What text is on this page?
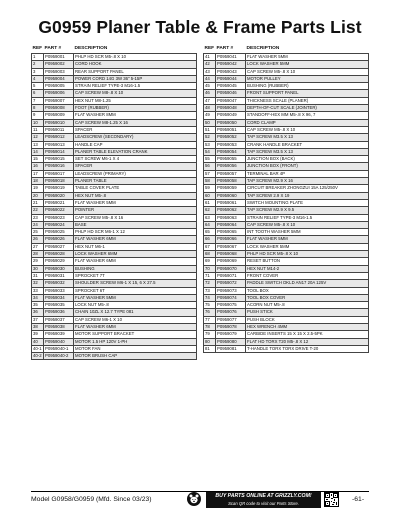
G0959 Planer Table & Frame Parts List
REF	PART #	DESCRIPTION
1	P0959001	PHLP HD SCR M5-.8 X 10
2	P0959002	CORD HOOK
3	P0959003	REAR SUPPORT PANEL
4	P0959004	POWER CORD 14G 3W 36" 5-15P
5	P0959005	STRAIN RELIEF TYPE-3 M16-1.5
6	P0959006	CAP SCREW M8-.8 X 10
7	P0959007	HEX NUT M8-1.25
8	P0959008	FOOT (RUBBER)
9	P0959009	FLAT WASHER 8MM
10	P0959010	CAP SCREW M8-1.25 X 16
11	P0959011	SPACER
12	P0959012	LEADSCREW (SECONDARY)
13	P0959013	HANDLE CAP
14	P0959014	PLANER TABLE ELEVATION CRANK
15	P0959015	SET SCREW M6-1 X 4
16	P0959016	SPACER
17	P0959017	LEADSCREW (PRIMARY)
18	P0959018	PLANER TABLE
19	P0959019	TABLE COVER PLATE
20	P0959020	HEX NUT M5-.8
21	P0959021	FLAT WASHER 5MM
22	P0959022	POINTER
23	P0959023	CAP SCREW M5-.8 X 16
24	P0959024	BASE
25	P0959025	PHLP HD SCR M6-1 X 12
26	P0959026	FLAT WASHER 6MM
27	P0959027	HEX NUT M6-1
28	P0959028	LOCK WASHER 6MM
29	P0959029	FLAT WASHER 6MM
30	P0959030	BUSHING
31	P0959031	SPROCKET 7T
32	P0959032	SHOULDER SCREW M6-1 X 15, 6 X 27.5
33	P0959033	SPROCKET 6T
34	P0959034	FLAT WASHER 5MM
35	P0959035	LOCK NUT M5-.8
36	P0959036	CHAIN 10ZL X 12.7 TYPE 081
37	P0959037	CAP SCREW M6-1 X 10
38	P0959038	FLAT WASHER 6MM
39	P0959039	MOTOR SUPPORT BRACKET
40	P0959040	MOTOR 1.5 HP 120V 1-PH
40-1	P0959040-1	MOTOR FAN
40-2	P0959040-2	MOTOR BRUSH CAP
REF	PART #	DESCRIPTION
41	P0959041	FLAT WASHER 5MM
42	P0959042	LOCK WASHER 5MM
43	P0959043	CAP SCREW M5-.8 X 10
44	P0959044	MOTOR PULLEY
45	P0959045	BUSHING (RUBBER)
46	P0959046	FRONT SUPPORT PANEL
47	P0959047	THICKNESS SCALE (PLANER)
48	P0959048	DEPTH-OF-CUT SCALE (JOINTER)
49	P0959049	STANDOFF-HEX MM M5-.8 X 96, 7
50	P0959050	CORD CLAMP
51	P0959051	CAP SCREW M5-.8 X 10
52	P0959052	TAP SCREW M3.5 X 13
53	P0959053	CRANK HANDLE BRACKET
54	P0959054	TAP SCREW M3.5 X 13
55	P0959055	JUNCTION BOX (BACK)
56	P0959056	JUNCTION BOX (FRONT)
57	P0959057	TERMINAL BAR 4P
58	P0959058	TAP SCREW M2.9 X 16
59	P0959059	CIRCUIT BREAKER ZHONGZUI 15A 125/250V
60	P0959060	TAP SCREW 2.9 X 19
61	P0959061	SWITCH MOUNTING PLATE
62	P0959062	TAP SCREW M2.9 X 9.5
63	P0959063	STRAIN RELIEF TYPE-3 M16-1.5
64	P0959064	CAP SCREW M5-.8 X 10
65	P0959065	INT TOOTH WASHER 5MM
66	P0959066	FLAT WASHER 5MM
67	P0959067	LOCK WASHER 5MM
68	P0959068	PHLP HD SCR M5-.8 X 10
69	P0959069	RESET BUTTON
70	P0959070	HEX NUT M14-2
71	P0959071	FRONT COVER
72	P0959072	PADDLE SWITCH DKLD AN17 20A 125V
73	P0959073	TOOL BOX
74	P0959074	TOOL BOX COVER
75	P0959075	ACORN NUT M5-.8
76	P0959076	PUSH STICK
77	P0959077	PUSH BLOCK
78	P0959078	HEX WRENCH 4MM
79	P0959079	CARBIDE INSERTS 15 X 15 X 2.5-5PK
80	P0959080	FLAT HD TORX T20 M5-.8 X 12
81	P0959081	T-HANDLE TORX TORX DRIVE T-20
Model G0958/G0959 (Mfd. Since 03/23)	BUY PARTS ONLINE AT GRIZZLY.COM!
Scan QR code to visit our Parts Store.	-61-
